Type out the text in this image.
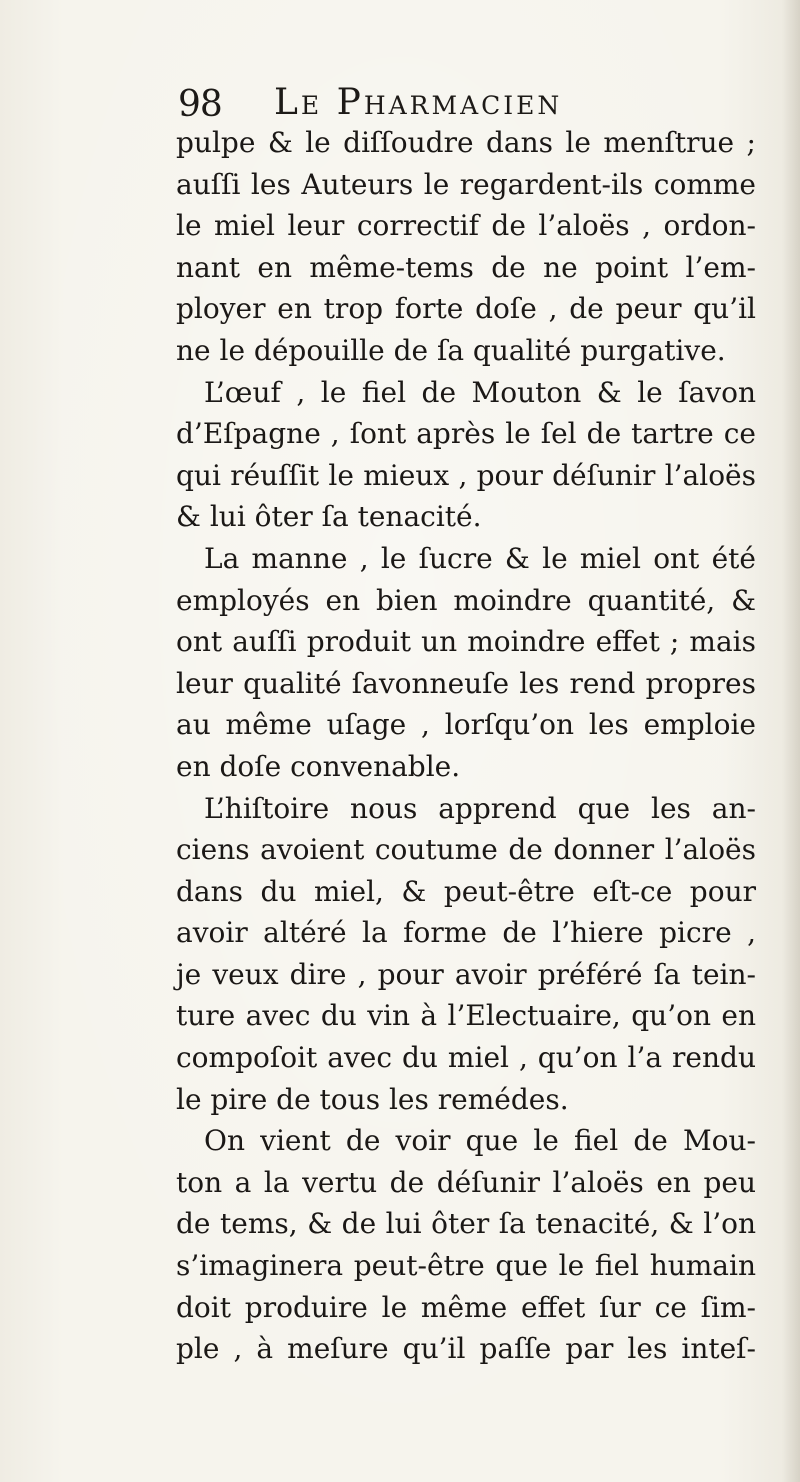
98 Le Pharmacien
pulpe & le diſſoudre dans le menſtrue ;
auſſi les Auteurs le regardent-ils comme
le miel leur correctif de l’aloës , ordon-
nant en même-tems de ne point l’em-
ployer en trop forte doſe , de peur qu’il
ne le dépouille de ſa qualité purgative.
L’œuf , le fiel de Mouton & le ſavon
d’Eſpagne , ſont après le ſel de tartre ce
qui réuſſit le mieux , pour déſunir l’aloës
& lui ôter ſa tenacité.
La manne , le ſucre & le miel ont été
employés en bien moindre quantité, &
ont auſſi produit un moindre effet ; mais
leur qualité ſavonneuſe les rend propres
au même uſage , lorſqu’on les emploie
en doſe convenable.
L’hiſtoire nous apprend que les an-
ciens avoient coutume de donner l’aloës
dans du miel, & peut-être eſt-ce pour
avoir altéré la forme de l’hiere picre ,
je veux dire , pour avoir préféré ſa tein-
ture avec du vin à l’Electuaire, qu’on en
compoſoit avec du miel , qu’on l’a rendu
le pire de tous les remédes.
On vient de voir que le fiel de Mou-
ton a la vertu de déſunir l’aloës en peu
de tems, & de lui ôter ſa tenacité, & l’on
s’imaginera peut-être que le fiel humain
doit produire le même effet ſur ce ſim-
ple , à meſure qu’il paſſe par les inteſ-
